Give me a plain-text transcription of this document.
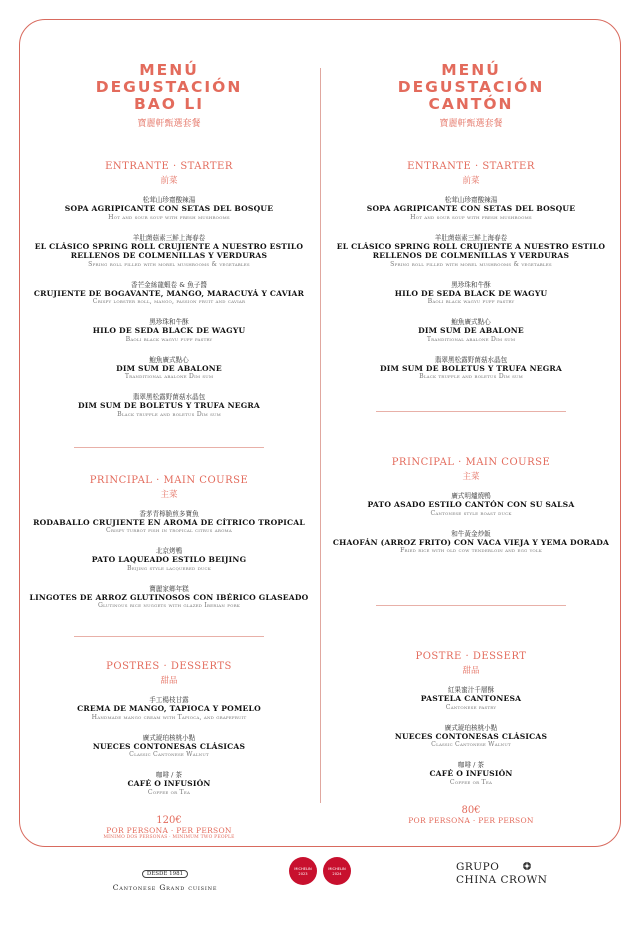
MENÚ
DEGUSTACIÓN
BAO LI
寶麗軒甄選套餐
ENTRANTE · STARTER
前菜
松茸山珍齋酸辣湯
SOPA AGRIPICANTE CON SETAS DEL BOSQUE
Hot and sour soup with fresh mushrooms
羊肚菌菇素三鮮上海春卷
EL CLÁSICO SPRING ROLL CRUJIENTE A NUESTRO ESTILO
RELLENOS DE COLMENILLAS Y VERDURAS
Spring roll filled with morel mushrooms & vegetables
香芒金絲龍蝦卷 & 魚子醬
CRUJIENTE DE BOGAVANTE, MANGO, MARACUYÁ Y CAVIAR
Crispy lobster roll, mango, passion fruit and caviar
黑珍珠和牛酥
HILO DE SEDA BLACK DE WAGYU
Baoli black wagyu puff pastry
鮑魚廣式點心
DIM SUM DE ABALONE
Tranditional abalone Dim sum
翡翠黑松露野菌菇水晶包
DIM SUM DE BOLETUS Y TRUFA NEGRA
Black truffle and boletus Dim sum
PRINCIPAL · MAIN COURSE
主菜
香茅青檸脆煎多寶魚
RODABALLO CRUJIENTE EN AROMA DE CÍTRICO TROPICAL
Crispy turbot fish in tropical citrus aroma
北京烤鴨
PATO LAQUEADO ESTILO BEIJING
Beijing style lacquered duck
寶麗家鄉年糕
LINGOTES DE ARROZ GLUTINOSOS CON IBÉRICO GLASEADO
Glutinous rice nuggets with glazed Iberian pork
POSTRES · DESSERTS
甜品
手工楊枝甘露
CREMA DE MANGO, TAPIOCA Y POMELO
Handmade mango cream with Tapioca, and grapefruit
廣式琥珀核桃小點
NUECES CONTONESAS CLÁSICAS
Classic Cantonese Walnut
咖啡 / 茶
CAFÉ O INFUSIÓN
Coffee or Tea
120€
POR PERSONA · PER PERSON
MÍNIMO DOS PERSONAS · MINIMUM TWO PEOPLE
MENÚ
DEGUSTACIÓN
CANTÓN
寶麗軒甄選套餐
ENTRANTE · STARTER
前菜
松茸山珍齋酸辣湯
SOPA AGRIPICANTE CON SETAS DEL BOSQUE
Hot and sour soup with fresh mushrooms
羊肚菌菇素三鮮上海春卷
EL CLÁSICO SPRING ROLL CRUJIENTE A NUESTRO ESTILO
RELLENOS DE COLMENILLAS Y VERDURAS
Spring roll filled with morel mushrooms & vegetables
黑珍珠和牛酥
HILO DE SEDA BLACK DE WAGYU
Baoli black wagyu puff pastry
鮑魚廣式點心
DIM SUM DE ABALONE
Tranditional abalone Dim sum
翡翠黑松露野菌菇水晶包
DIM SUM DE BOLETUS Y TRUFA NEGRA
Black truffle and boletus Dim sum
PRINCIPAL · MAIN COURSE
主菜
廣式明爐燒鴨
PATO ASADO ESTILO CANTÓN CON SU SALSA
Cantonese style roast duck
和牛黃金炒飯
CHAOFÁN (ARROZ FRITO) CON VACA VIEJA Y YEMA DORADA
Fried rice with old cow tenderloin and egg yolk
POSTRE · DESSERT
甜品
紅果蜜汁千層酥
PASTELA CANTONESA
Cantonese pastry
廣式琥珀核桃小點
NUECES CONTONESAS CLÁSICAS
Classic Cantonese Walnut
咖啡 / 茶
CAFÉ O INFUSIÓN
Coffee or Tea
80€
POR PERSONA · PER PERSON
DESDE 1981
Cantonese Grand cuisine
MICHELIN
2023
MICHELIN
2024
GRUPO
CHINA CROWN
